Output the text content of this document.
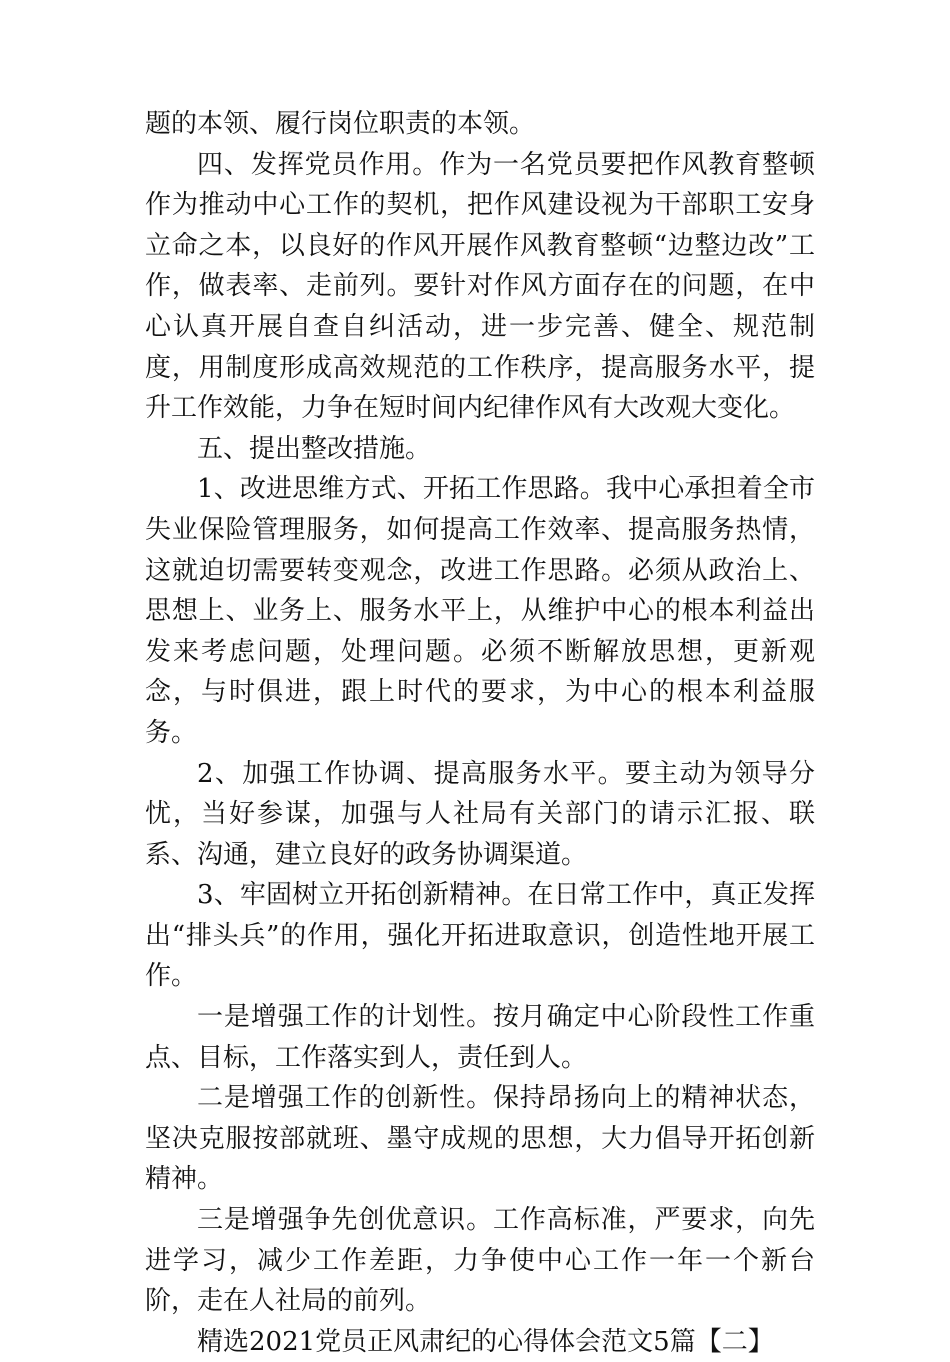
题的本领、履行岗位职责的本领。

四、发挥党员作用。作为一名党员要把作风教育整顿作为推动中心工作的契机，把作风建设视为干部职工安身立命之本，以良好的作风开展作风教育整顿“边整边改”工作，做表率、走前列。要针对作风方面存在的问题，在中心认真开展自查自纠活动，进一步完善、健全、规范制度，用制度形成高效规范的工作秩序，提高服务水平，提升工作效能，力争在短时间内纪律作风有大改观大变化。

五、提出整改措施。

1、改进思维方式、开拓工作思路。我中心承担着全市失业保险管理服务，如何提高工作效率、提高服务热情，这就迫切需要转变观念，改进工作思路。必须从政治上、思想上、业务上、服务水平上，从维护中心的根本利益出发来考虑问题，处理问题。必须不断解放思想，更新观念，与时俱进，跟上时代的要求，为中心的根本利益服务。

2、加强工作协调、提高服务水平。要主动为领导分忧，当好参谋，加强与人社局有关部门的请示汇报、联系、沟通，建立良好的政务协调渠道。

3、牢固树立开拓创新精神。在日常工作中，真正发挥出“排头兵”的作用，强化开拓进取意识，创造性地开展工作。

一是增强工作的计划性。按月确定中心阶段性工作重点、目标，工作落实到人，责任到人。

二是增强工作的创新性。保持昂扬向上的精神状态，坚决克服按部就班、墨守成规的思想，大力倡导开拓创新精神。

三是增强争先创优意识。工作高标准，严要求，向先进学习，减少工作差距，力争使中心工作一年一个新台阶，走在人社局的前列。

精选2021党员正风肃纪的心得体会范文5篇【二】
